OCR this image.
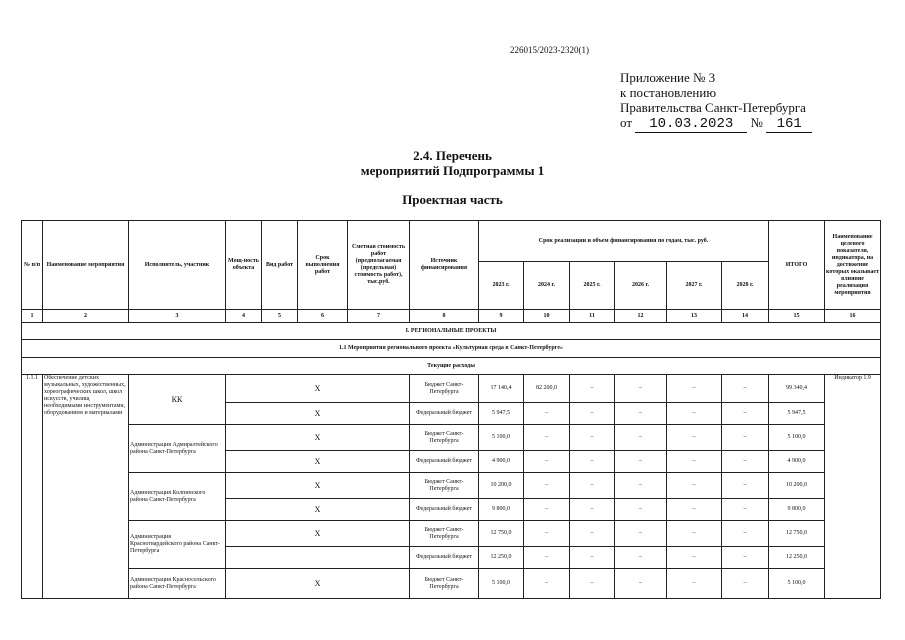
226015/2023-2320(1)
Приложение № 3
к постановлению
Правительства Санкт-Петербурга
от 10.03.2023 № 161
2.4. Перечень
мероприятий Подпрограммы 1
Проектная часть
№ п/п	Наименование мероприятия	Исполнитель, участник	Мощ-ность объекта	Вид работ	Срок выполнения работ	Сметная стоимость работ (предполагаемая (предельная) стоимость работ), тыс.руб.	Источник финансирования	Срок реализации и объем финансирования по годам, тыс. руб.						ИТОГО	Наименование целевого показателя, индикатора, на достижение которых оказывает влияние реализация мероприятия
								2023 г.	2024 г.	2025 г.	2026 г.	2027 г.	2028 г.		
1	2	3	4	5	6	7	8	9	10	11	12	13	14	15	16
I. РЕГИОНАЛЬНЫЕ ПРОЕКТЫ															
1.1 Мероприятия регионального проекта «Культурная среда в Санкт-Петербурге»															
Текущие расходы															
1.1.1	Обеспечение детских музыкальных, художественных, хореографических школ, школ искусств, училищ необходимыми инструментами, оборудованием и материалами	КК	Х				Бюджет Санкт-Петербурга	17 140,4	82 200,0	–	–	–	–	99 340,4	Индикатор 1.9
			Х				Федеральный бюджет	5 947,5	–	–	–	–	–	5 947,5	
		Администрация Адмиралтейского района Санкт-Петербурга	Х				Бюджет Санкт-Петербурга	5 100,0	–	–	–	–	–	5 100,0	
			Х				Федеральный бюджет	4 900,0	–	–	–	–	–	4 900,0	
		Администрация Колпинского района Санкт-Петербурга	Х				Бюджет Санкт-Петербурга	10 200,0	–	–	–	–	–	10 200,0	
			Х				Федеральный бюджет	9 800,0	–	–	–	–	–	9 800,0	
		Администрация Красногвардейского района Санкт-Петербурга	Х				Бюджет Санкт-Петербурга	12 750,0	–	–	–	–	–	12 750,0	
							Федеральный бюджет	12 250,0	–	–	–	–	–	12 250,0	
		Администрация Красносельского района Санкт-Петербурга	Х				Бюджет Санкт-Петербурга	5 100,0	–	–	–	–	–	5 100,0	
